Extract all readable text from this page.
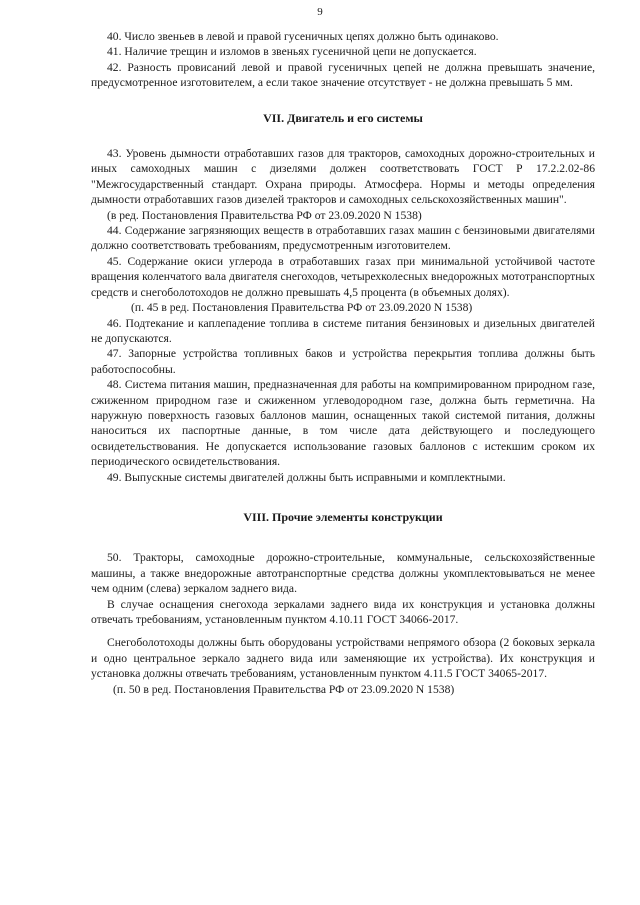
9

40. Число звеньев в левой и правой гусеничных цепях должно быть одинаково.

41. Наличие трещин и изломов в звеньях гусеничной цепи не допускается.

42. Разность провисаний левой и правой гусеничных цепей не должна превышать значение, предусмотренное изготовителем, а если такое значение отсутствует - не должна превышать 5 мм.

VII. Двигатель и его системы

43. Уровень дымности отработавших газов для тракторов, самоходных дорожно-строительных и иных самоходных машин с дизелями должен соответствовать ГОСТ Р 17.2.2.02-86 "Межгосударственный стандарт. Охрана природы. Атмосфера. Нормы и методы определения дымности отработавших газов дизелей тракторов и самоходных сельскохозяйственных машин".

(в ред. Постановления Правительства РФ от 23.09.2020 N 1538)

44. Содержание загрязняющих веществ в отработавших газах машин с бензиновыми двигателями должно соответствовать требованиям, предусмотренным изготовителем.

45. Содержание окиси углерода в отработавших газах при минимальной устойчивой частоте вращения коленчатого вала двигателя снегоходов, четырехколесных внедорожных мототранспортных средств и снегоболотоходов не должно превышать 4,5 процента (в объемных долях).

(п. 45 в ред. Постановления Правительства РФ от 23.09.2020 N 1538)

46. Подтекание и каплепадение топлива в системе питания бензиновых и дизельных двигателей не допускаются.

47. Запорные устройства топливных баков и устройства перекрытия топлива должны быть работоспособны.

48. Система питания машин, предназначенная для работы на компримированном природном газе, сжиженном природном газе и сжиженном углеводородном газе, должна быть герметична. На наружную поверхность газовых баллонов машин, оснащенных такой системой питания, должны наноситься их паспортные данные, в том числе дата действующего и последующего освидетельствования. Не допускается использование газовых баллонов с истекшим сроком их периодического освидетельствования.

49. Выпускные системы двигателей должны быть исправными и комплектными.

VIII. Прочие элементы конструкции

50. Тракторы, самоходные дорожно-строительные, коммунальные, сельскохозяйственные машины, а также внедорожные автотранспортные средства должны укомплектовываться не менее чем одним (слева) зеркалом заднего вида.

В случае оснащения снегохода зеркалами заднего вида их конструкция и установка должны отвечать требованиям, установленным пунктом 4.10.11 ГОСТ 34066-2017.

Снегоболотоходы должны быть оборудованы устройствами непрямого обзора (2 боковых зеркала и одно центральное зеркало заднего вида или заменяющие их устройства). Их конструкция и установка должны отвечать требованиям, установленным пунктом 4.11.5 ГОСТ 34065-2017.

(п. 50 в ред. Постановления Правительства РФ от 23.09.2020 N 1538)
